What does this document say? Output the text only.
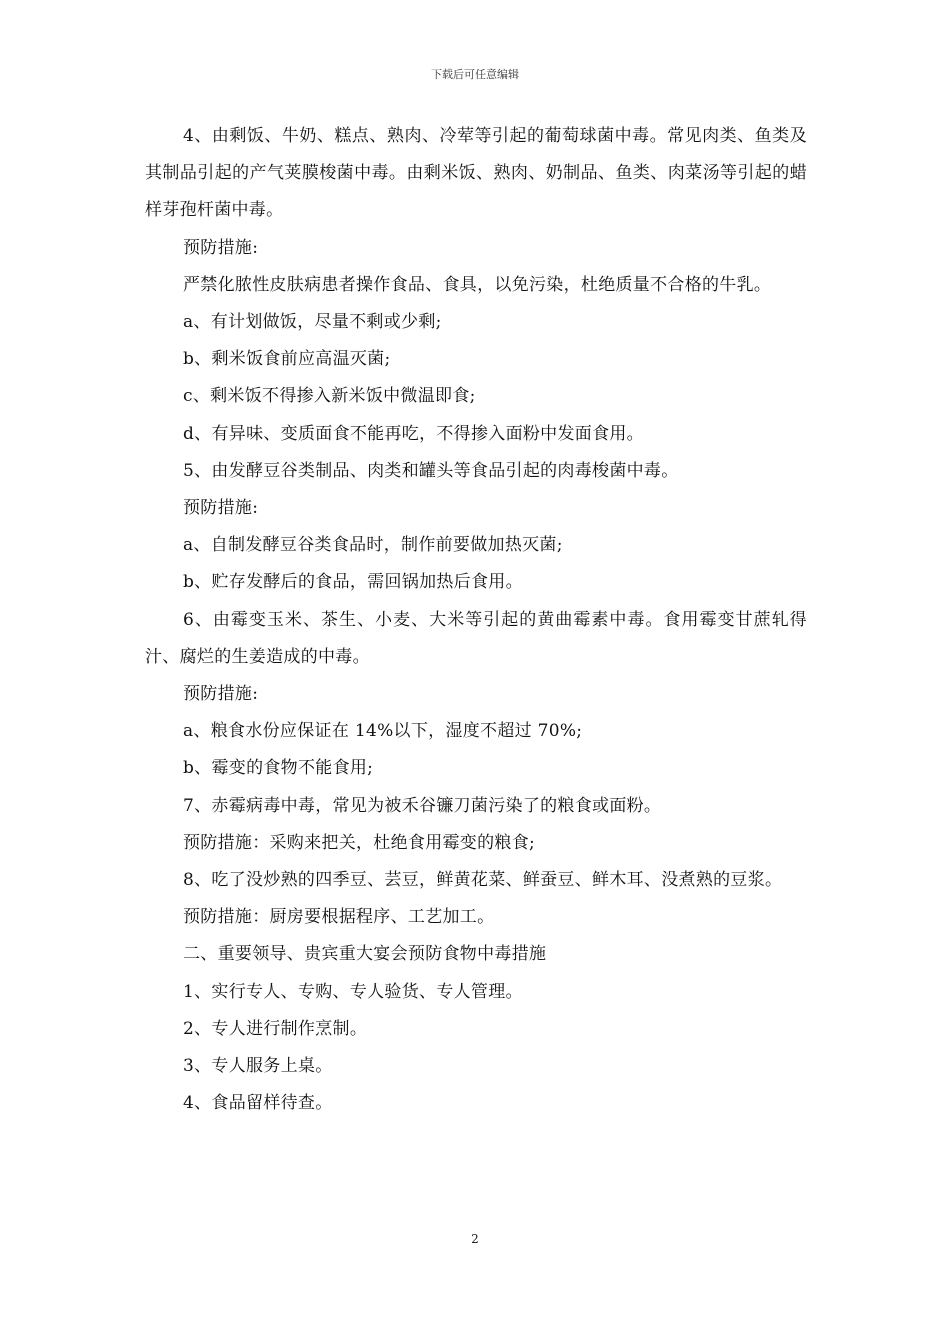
下载后可任意编辑

4、由剩饭、牛奶、糕点、熟肉、冷荤等引起的葡萄球菌中毒。常见肉类、鱼类及其制品引起的产气荚膜梭菌中毒。由剩米饭、熟肉、奶制品、鱼类、肉菜汤等引起的蜡样芽孢杆菌中毒。

预防措施:

严禁化脓性皮肤病患者操作食品、食具，以免污染，杜绝质量不合格的牛乳。

a、有计划做饭，尽量不剩或少剩;

b、剩米饭食前应高温灭菌;

c、剩米饭不得掺入新米饭中微温即食;

d、有异味、变质面食不能再吃，不得掺入面粉中发面食用。

5、由发酵豆谷类制品、肉类和罐头等食品引起的肉毒梭菌中毒。

预防措施:

a、自制发酵豆谷类食品时，制作前要做加热灭菌;

b、贮存发酵后的食品，需回锅加热后食用。

6、由霉变玉米、茶生、小麦、大米等引起的黄曲霉素中毒。食用霉变甘蔗轧得汁、腐烂的生姜造成的中毒。

预防措施:

a、粮食水份应保证在 14%以下，湿度不超过 70%;

b、霉变的食物不能食用;

7、赤霉病毒中毒，常见为被禾谷镰刀菌污染了的粮食或面粉。

预防措施：采购来把关，杜绝食用霉变的粮食;

8、吃了没炒熟的四季豆、芸豆，鲜黄花菜、鲜蚕豆、鲜木耳、没煮熟的豆浆。

预防措施：厨房要根据程序、工艺加工。

二、重要领导、贵宾重大宴会预防食物中毒措施

1、实行专人、专购、专人验货、专人管理。

2、专人进行制作烹制。

3、专人服务上桌。

4、食品留样待查。

2
